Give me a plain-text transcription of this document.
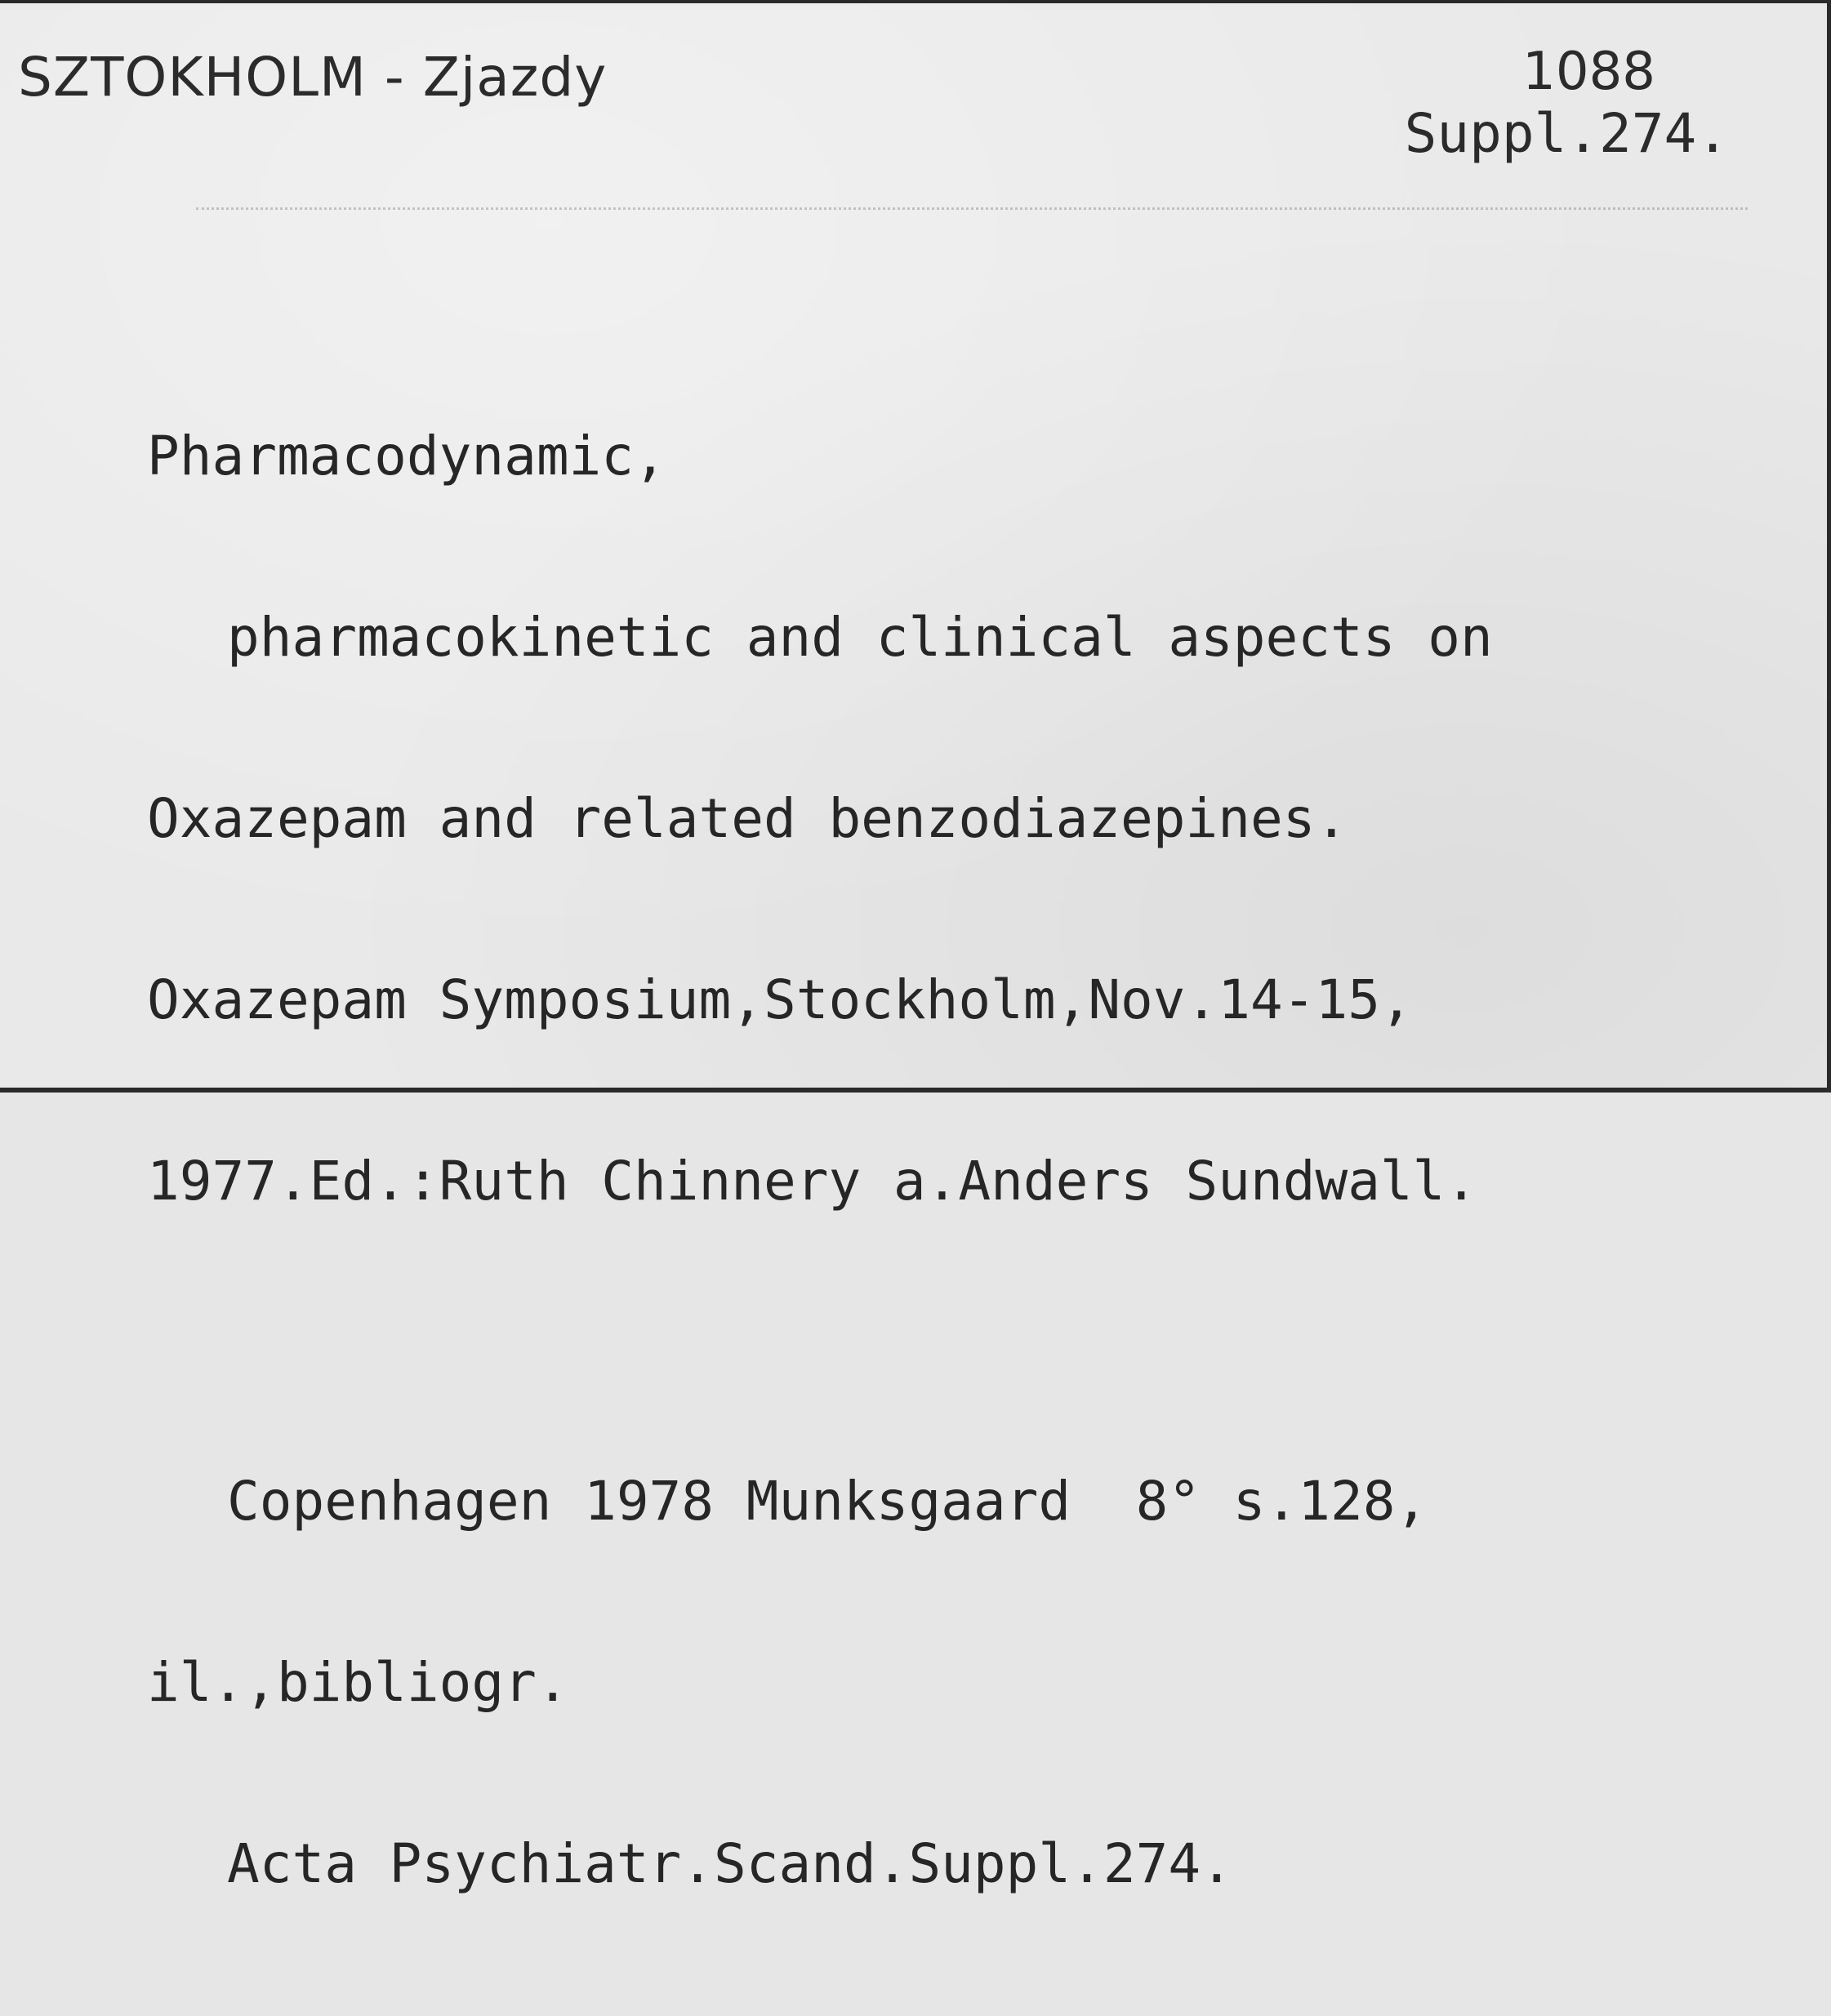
SZTOKHOLM - Zjazdy	1088
Suppl.274.

Pharmacodynamic,

pharmacokinetic and clinical aspects on

Oxazepam and related benzodiazepines.

Oxazepam Symposium,Stockholm,Nov.14-15,

1977.Ed.:Ruth Chinnery a.Anders Sundwall.

Copenhagen 1978 Munksgaard  8° s.128,

il.,bibliogr.

Acta Psychiatr.Scand.Suppl.274.
